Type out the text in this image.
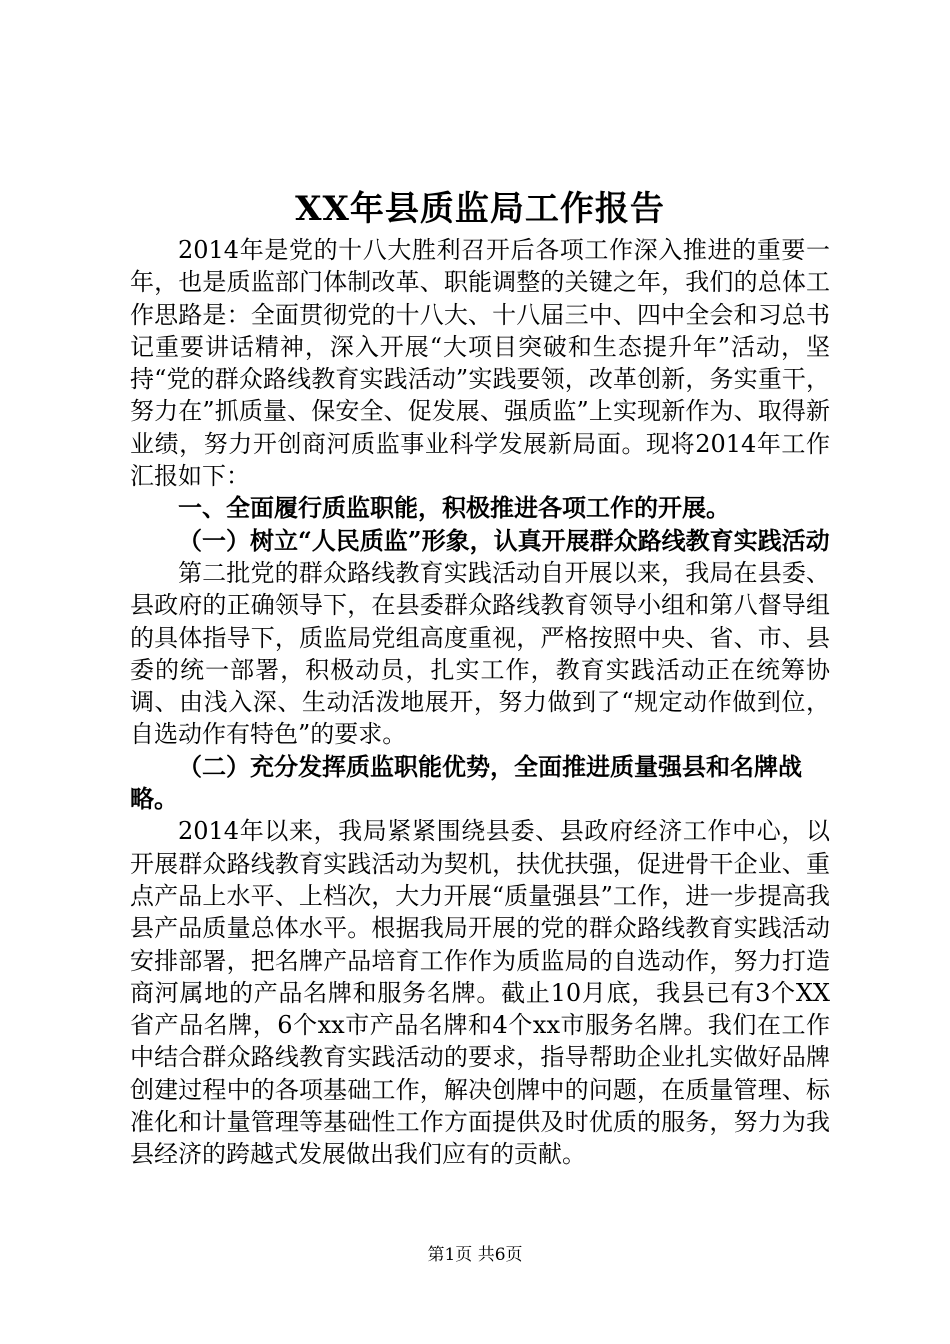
XX年县质监局工作报告

2014年是党的十八大胜利召开后各项工作深入推进的重要一年，也是质监部门体制改革、职能调整的关键之年，我们的总体工作思路是：全面贯彻党的十八大、十八届三中、四中全会和习总书记重要讲话精神，深入开展“大项目突破和生态提升年”活动，坚持“党的群众路线教育实践活动”实践要领，改革创新，务实重干，努力在”抓质量、保安全、促发展、强质监”上实现新作为、取得新业绩，努力开创商河质监事业科学发展新局面。现将2014年工作汇报如下：

一、全面履行质监职能，积极推进各项工作的开展。

（一）树立“人民质监”形象，认真开展群众路线教育实践活动

第二批党的群众路线教育实践活动自开展以来，我局在县委、县政府的正确领导下，在县委群众路线教育领导小组和第八督导组的具体指导下，质监局党组高度重视，严格按照中央、省、市、县委的统一部署，积极动员，扎实工作，教育实践活动正在统筹协调、由浅入深、生动活泼地展开，努力做到了“规定动作做到位，自选动作有特色”的要求。

（二）充分发挥质监职能优势，全面推进质量强县和名牌战略。

2014年以来，我局紧紧围绕县委、县政府经济工作中心，以开展群众路线教育实践活动为契机，扶优扶强，促进骨干企业、重点产品上水平、上档次，大力开展“质量强县”工作，进一步提高我县产品质量总体水平。根据我局开展的党的群众路线教育实践活动安排部署，把名牌产品培育工作作为质监局的自选动作，努力打造商河属地的产品名牌和服务名牌。截止10月底，我县已有3个XX省产品名牌，6个xx市产品名牌和4个xx市服务名牌。我们在工作中结合群众路线教育实践活动的要求，指导帮助企业扎实做好品牌创建过程中的各项基础工作，解决创牌中的问题，在质量管理、标准化和计量管理等基础性工作方面提供及时优质的服务，努力为我县经济的跨越式发展做出我们应有的贡献。

第1页 共6页
